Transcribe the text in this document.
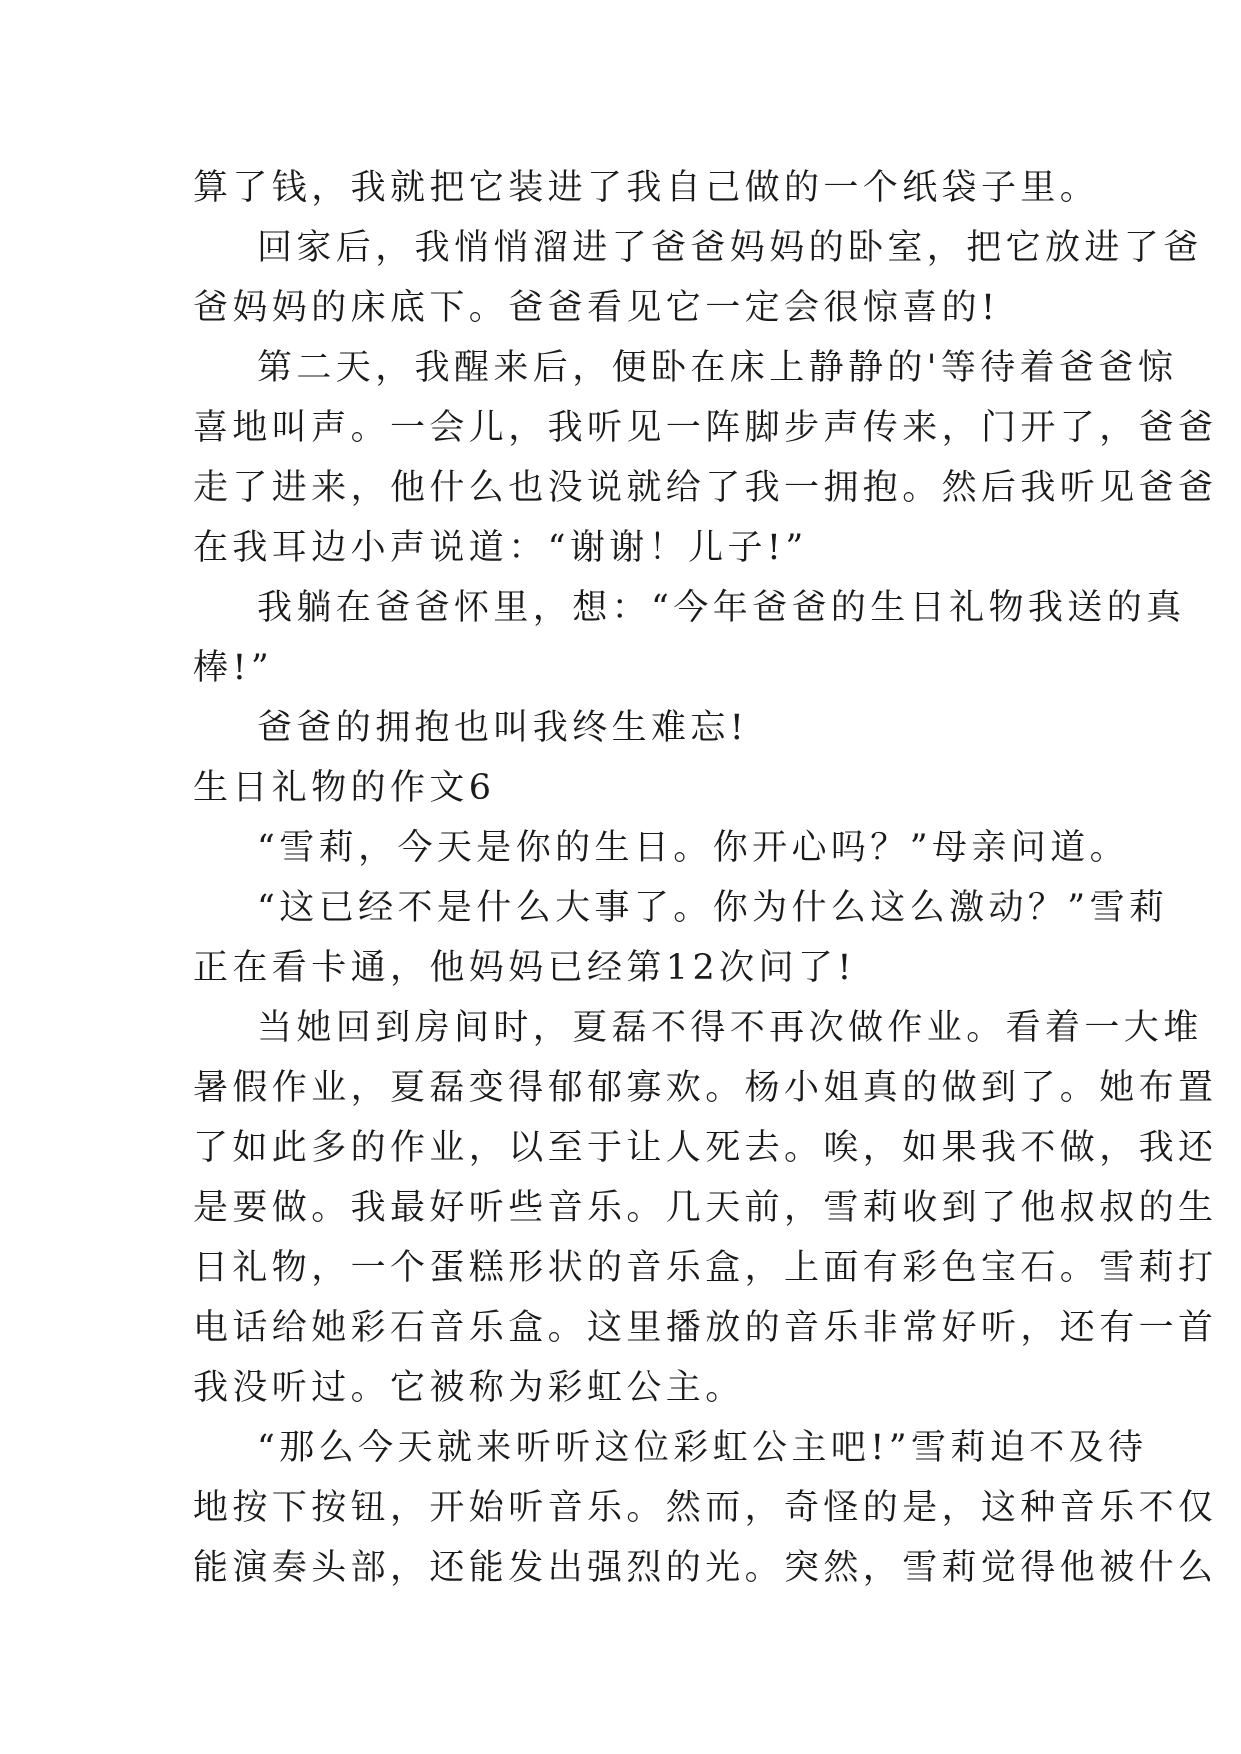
算了钱，我就把它装进了我自己做的一个纸袋子里。
回家后，我悄悄溜进了爸爸妈妈的卧室，把它放进了爸
爸妈妈的床底下。爸爸看见它一定会很惊喜的!
第二天，我醒来后，便卧在床上静静的'等待着爸爸惊
喜地叫声。一会儿，我听见一阵脚步声传来，门开了，爸爸
走了进来，他什么也没说就给了我一拥抱。然后我听见爸爸
在我耳边小声说道：“谢谢！儿子!”
我躺在爸爸怀里，想：“今年爸爸的生日礼物我送的真
棒!”
爸爸的拥抱也叫我终生难忘!
生日礼物的作文6
“雪莉，今天是你的生日。你开心吗？”母亲问道。
“这已经不是什么大事了。你为什么这么激动？”雪莉
正在看卡通，他妈妈已经第12次问了!
当她回到房间时，夏磊不得不再次做作业。看着一大堆
暑假作业，夏磊变得郁郁寡欢。杨小姐真的做到了。她布置
了如此多的作业，以至于让人死去。唉，如果我不做，我还
是要做。我最好听些音乐。几天前，雪莉收到了他叔叔的生
日礼物，一个蛋糕形状的音乐盒，上面有彩色宝石。雪莉打
电话给她彩石音乐盒。这里播放的音乐非常好听，还有一首
我没听过。它被称为彩虹公主。
“那么今天就来听听这位彩虹公主吧!”雪莉迫不及待
地按下按钮，开始听音乐。然而，奇怪的是，这种音乐不仅
能演奏头部，还能发出强烈的光。突然，雪莉觉得他被什么
